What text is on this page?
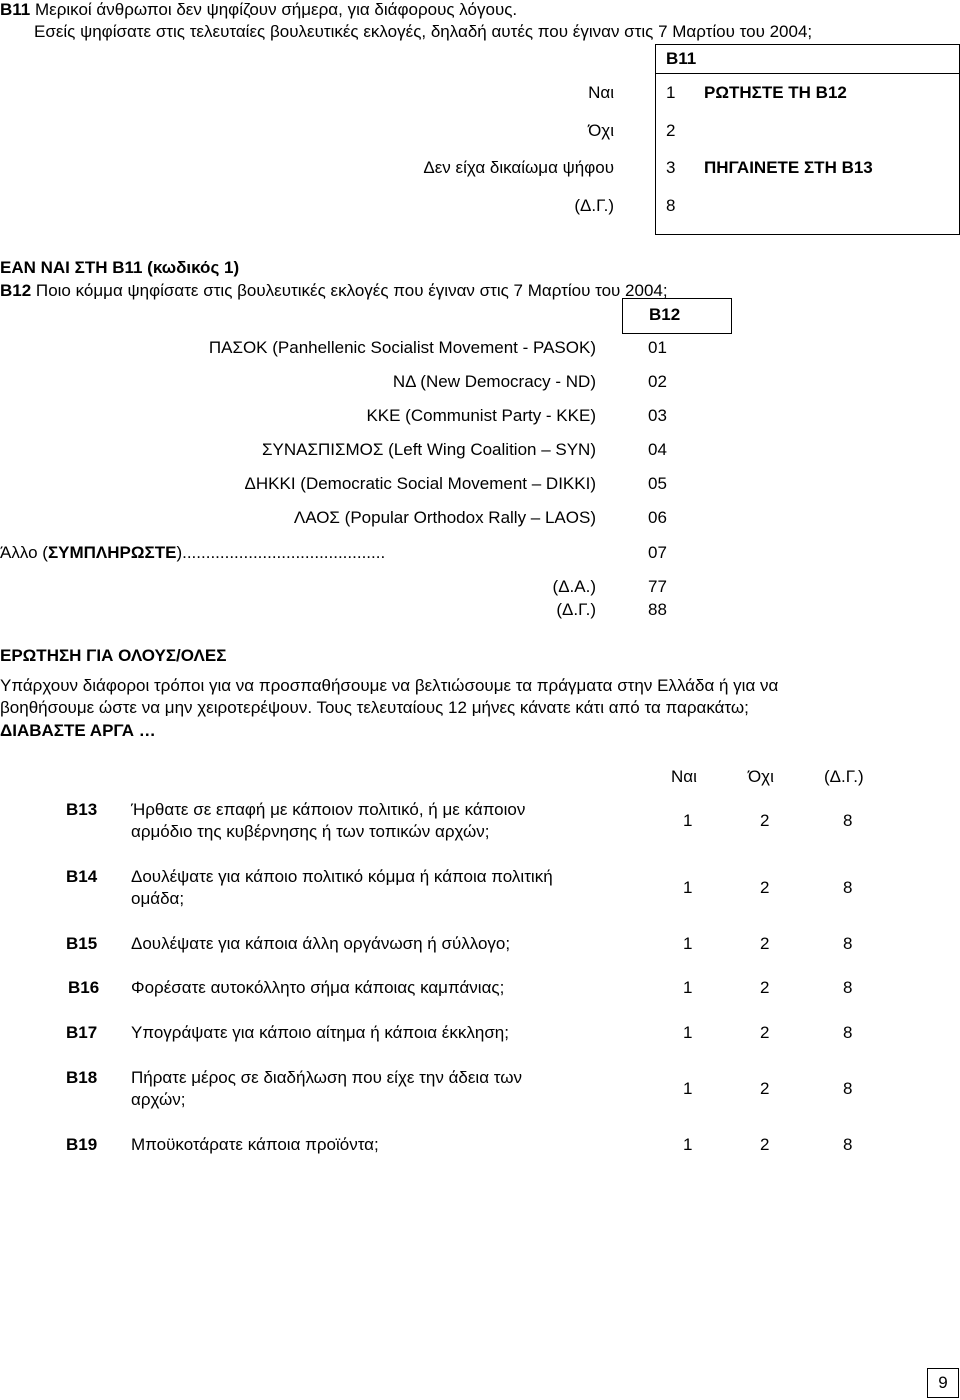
B11 Μερικοί άνθρωποι δεν ψηφίζουν σήμερα, για διάφορους λόγους.
Εσείς ψηφίσατε στις τελευταίες βουλευτικές εκλογές, δηλαδή αυτές που έγιναν στις 7 Μαρτίου του 2004;
B11
Ναι	1 ΡΩΤΗΣΤΕ ΤΗ Β12
Όχι	2
Δεν είχα δικαίωμα ψήφου	3 ΠΗΓΑΙΝΕΤΕ ΣΤΗ Β13
(Δ.Γ.)	8
ΕΑΝ ΝΑΙ ΣΤΗ Β11 (κωδικός 1)
B12 Ποιο κόμμα ψηφίσατε στις βουλευτικές εκλογές που έγιναν στις 7 Μαρτίου του 2004;
B12
ΠΑΣΟΚ (Panhellenic Socialist Movement - PASOK)	01
ΝΔ (New Democracy - ND)	02
ΚΚΕ (Communist Party - KKE)	03
ΣΥΝΑΣΠΙΣΜΟΣ (Left Wing Coalition – SYN)	04
ΔΗΚΚΙ (Democratic Social Movement – DIKKI)	05
ΛΑΟΣ (Popular Orthodox Rally – LAOS)	06
Άλλο (ΣΥΜΠΛΗΡΩΣΤΕ)...........................................	07
(Δ.Α.)	77
(Δ.Γ.)	88
ΕΡΩΤΗΣΗ ΓΙΑ ΟΛΟΥΣ/ΟΛΕΣ
Υπάρχουν διάφοροι τρόποι για να προσπαθήσουμε να βελτιώσουμε τα πράγματα στην Ελλάδα ή για να
βοηθήσουμε ώστε να μην χειροτερέψουν. Τους τελευταίους 12 μήνες κάνατε κάτι από τα παρακάτω;
ΔΙΑΒΑΣΤΕ ΑΡΓΑ …
Ναι	Όχι	(Δ.Γ.)
B13 Ήρθατε σε επαφή με κάποιον πολιτικό, ή με κάποιον
αρμόδιο της κυβέρνησης ή των τοπικών αρχών;
1	2	8
B14 Δουλέψατε για κάποιο πολιτικό κόμμα ή κάποια πολιτική
ομάδα;
1	2	8
B15 Δουλέψατε για κάποια άλλη οργάνωση ή σύλλογο;	1	2	8
B16 Φορέσατε αυτοκόλλητο σήμα κάποιας καμπάνιας;	1	2	8
B17 Υπογράψατε για κάποιο αίτημα ή κάποια έκκληση;	1	2	8
B18 Πήρατε μέρος σε διαδήλωση που είχε την άδεια των
αρχών;
1	2	8
B19 Μποϋκοτάρατε κάποια προϊόντα;	1	2	8
9
